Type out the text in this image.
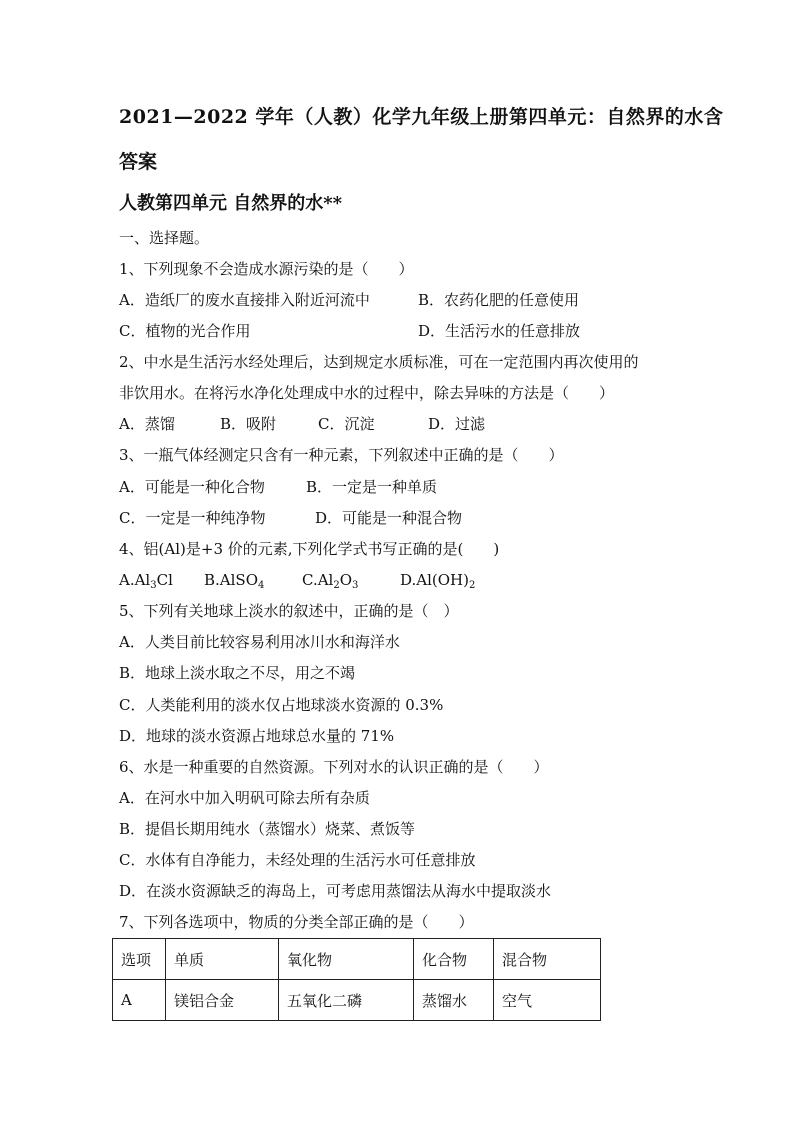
2021—2022 学年（人教）化学九年级上册第四单元：自然界的水含
答案
人教第四单元 自然界的水**
一、选择题。
1、下列现象不会造成水源污染的是（　　）
A．造纸厂的废水直接排入附近河流中	B．农药化肥的任意使用
C．植物的光合作用	D．生活污水的任意排放
2、中水是生活污水经处理后，达到规定水质标准，可在一定范围内再次使用的
非饮用水。在将污水净化处理成中水的过程中，除去异味的方法是（　　）
A．蒸馏	B．吸附	C．沉淀	D．过滤
3、一瓶气体经测定只含有一种元素，下列叙述中正确的是（　　）
A．可能是一种化合物	B．一定是一种单质
C．一定是一种纯净物	D．可能是一种混合物
4、铝(Al)是+3 价的元素,下列化学式书写正确的是(　　)
$A.Al_3Cl$ B.AlSO$_4$	$C.Al_2O_3$	$D.Al(OH)_2$
5、下列有关地球上淡水的叙述中，正确的是（　）
A．人类目前比较容易利用冰川水和海洋水
B．地球上淡水取之不尽，用之不竭
C．人类能利用的淡水仅占地球淡水资源的 0.3%
D．地球的淡水资源占地球总水量的 71%
6、水是一种重要的自然资源。下列对水的认识正确的是（　　）
A．在河水中加入明矾可除去所有杂质
B．提倡长期用纯水（蒸馏水）烧菜、煮饭等
C．水体有自净能力，未经处理的生活污水可任意排放
D．在淡水资源缺乏的海岛上，可考虑用蒸馏法从海水中提取淡水
7、下列各选项中，物质的分类全部正确的是（　　）
选项	单质	氧化物	化合物	混合物
A	镁铝合金	五氧化二磷	蒸馏水	空气
